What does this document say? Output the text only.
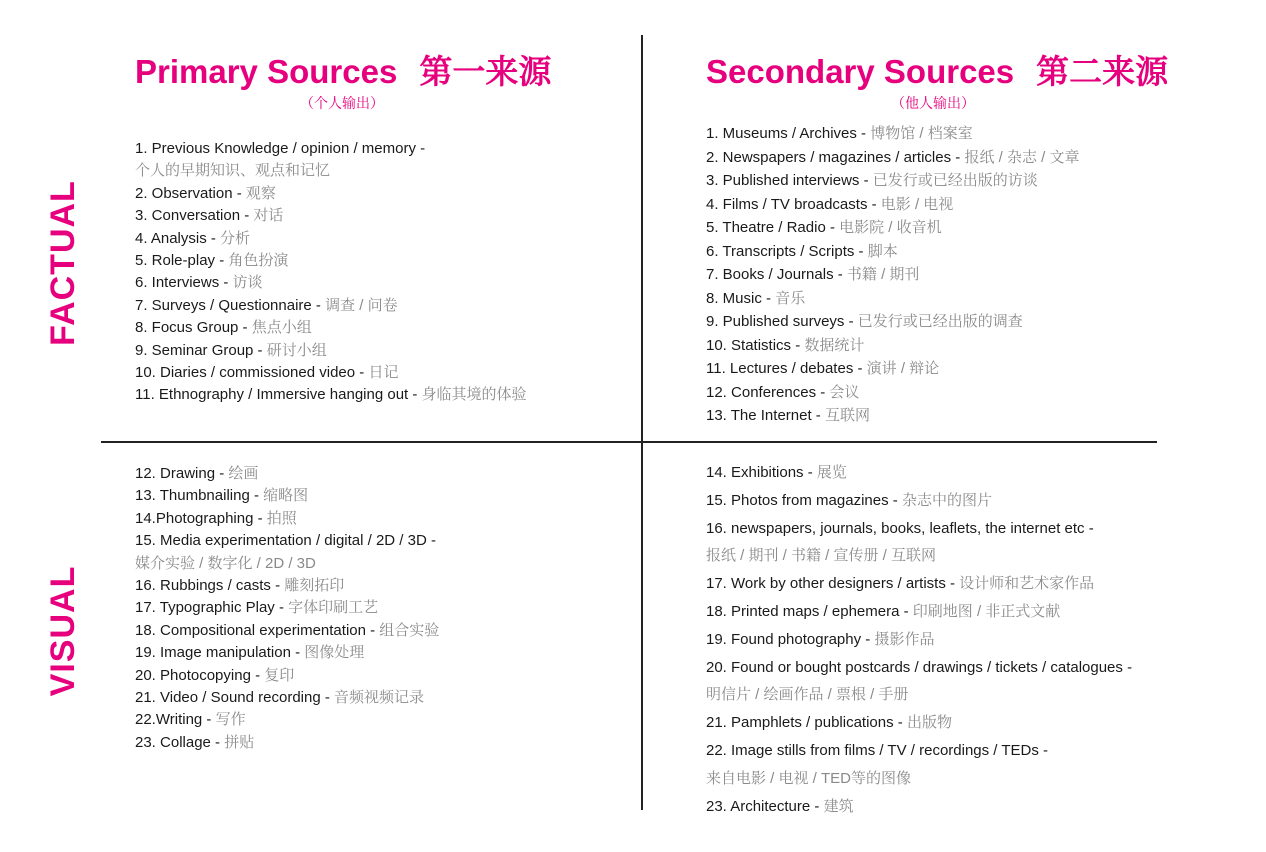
FACTUAL
VISUAL
Primary Sources 第一来源
（个人输出）
Secondary Sources 第二来源
（他人输出）
1. Previous Knowledge / opinion / memory -
个人的早期知识、观点和记忆
2. Observation - 观察
3. Conversation - 对话
4. Analysis - 分析
5. Role-play - 角色扮演
6. Interviews - 访谈
7. Surveys / Questionnaire - 调查 / 问卷
8. Focus Group - 焦点小组
9. Seminar Group - 研讨小组
10. Diaries / commissioned video - 日记
11. Ethnography / Immersive hanging out - 身临其境的体验
1. Museums / Archives - 博物馆 / 档案室
2. Newspapers / magazines / articles - 报纸 / 杂志 / 文章
3. Published interviews - 已发行或已经出版的访谈
4. Films / TV broadcasts - 电影 / 电视
5. Theatre / Radio - 电影院 / 收音机
6. Transcripts / Scripts - 脚本
7. Books / Journals - 书籍 / 期刊
8. Music - 音乐
9. Published surveys - 已发行或已经出版的调查
10. Statistics - 数据统计
11. Lectures / debates - 演讲 / 辩论
12. Conferences - 会议
13. The Internet - 互联网
12. Drawing - 绘画
13. Thumbnailing - 缩略图
14.Photographing - 拍照
15. Media experimentation / digital / 2D / 3D -
媒介实验 / 数字化 / 2D / 3D
16. Rubbings / casts - 雕刻拓印
17. Typographic Play - 字体印刷工艺
18. Compositional experimentation - 组合实验
19. Image manipulation - 图像处理
20. Photocopying - 复印
21. Video / Sound recording - 音频视频记录
22.Writing - 写作
23. Collage - 拼贴
14. Exhibitions - 展览
15. Photos from magazines - 杂志中的图片
16. newspapers, journals, books, leaflets, the internet etc -
报纸 / 期刊 / 书籍 / 宣传册 / 互联网
17. Work by other designers / artists - 设计师和艺术家作品
18. Printed maps / ephemera - 印刷地图 / 非正式文献
19. Found photography - 摄影作品
20. Found or bought postcards / drawings / tickets / catalogues -
明信片 / 绘画作品 / 票根 / 手册
21. Pamphlets / publications - 出版物
22. Image stills from films / TV / recordings / TEDs -
来自电影 / 电视 / TED等的图像
23. Architecture - 建筑
